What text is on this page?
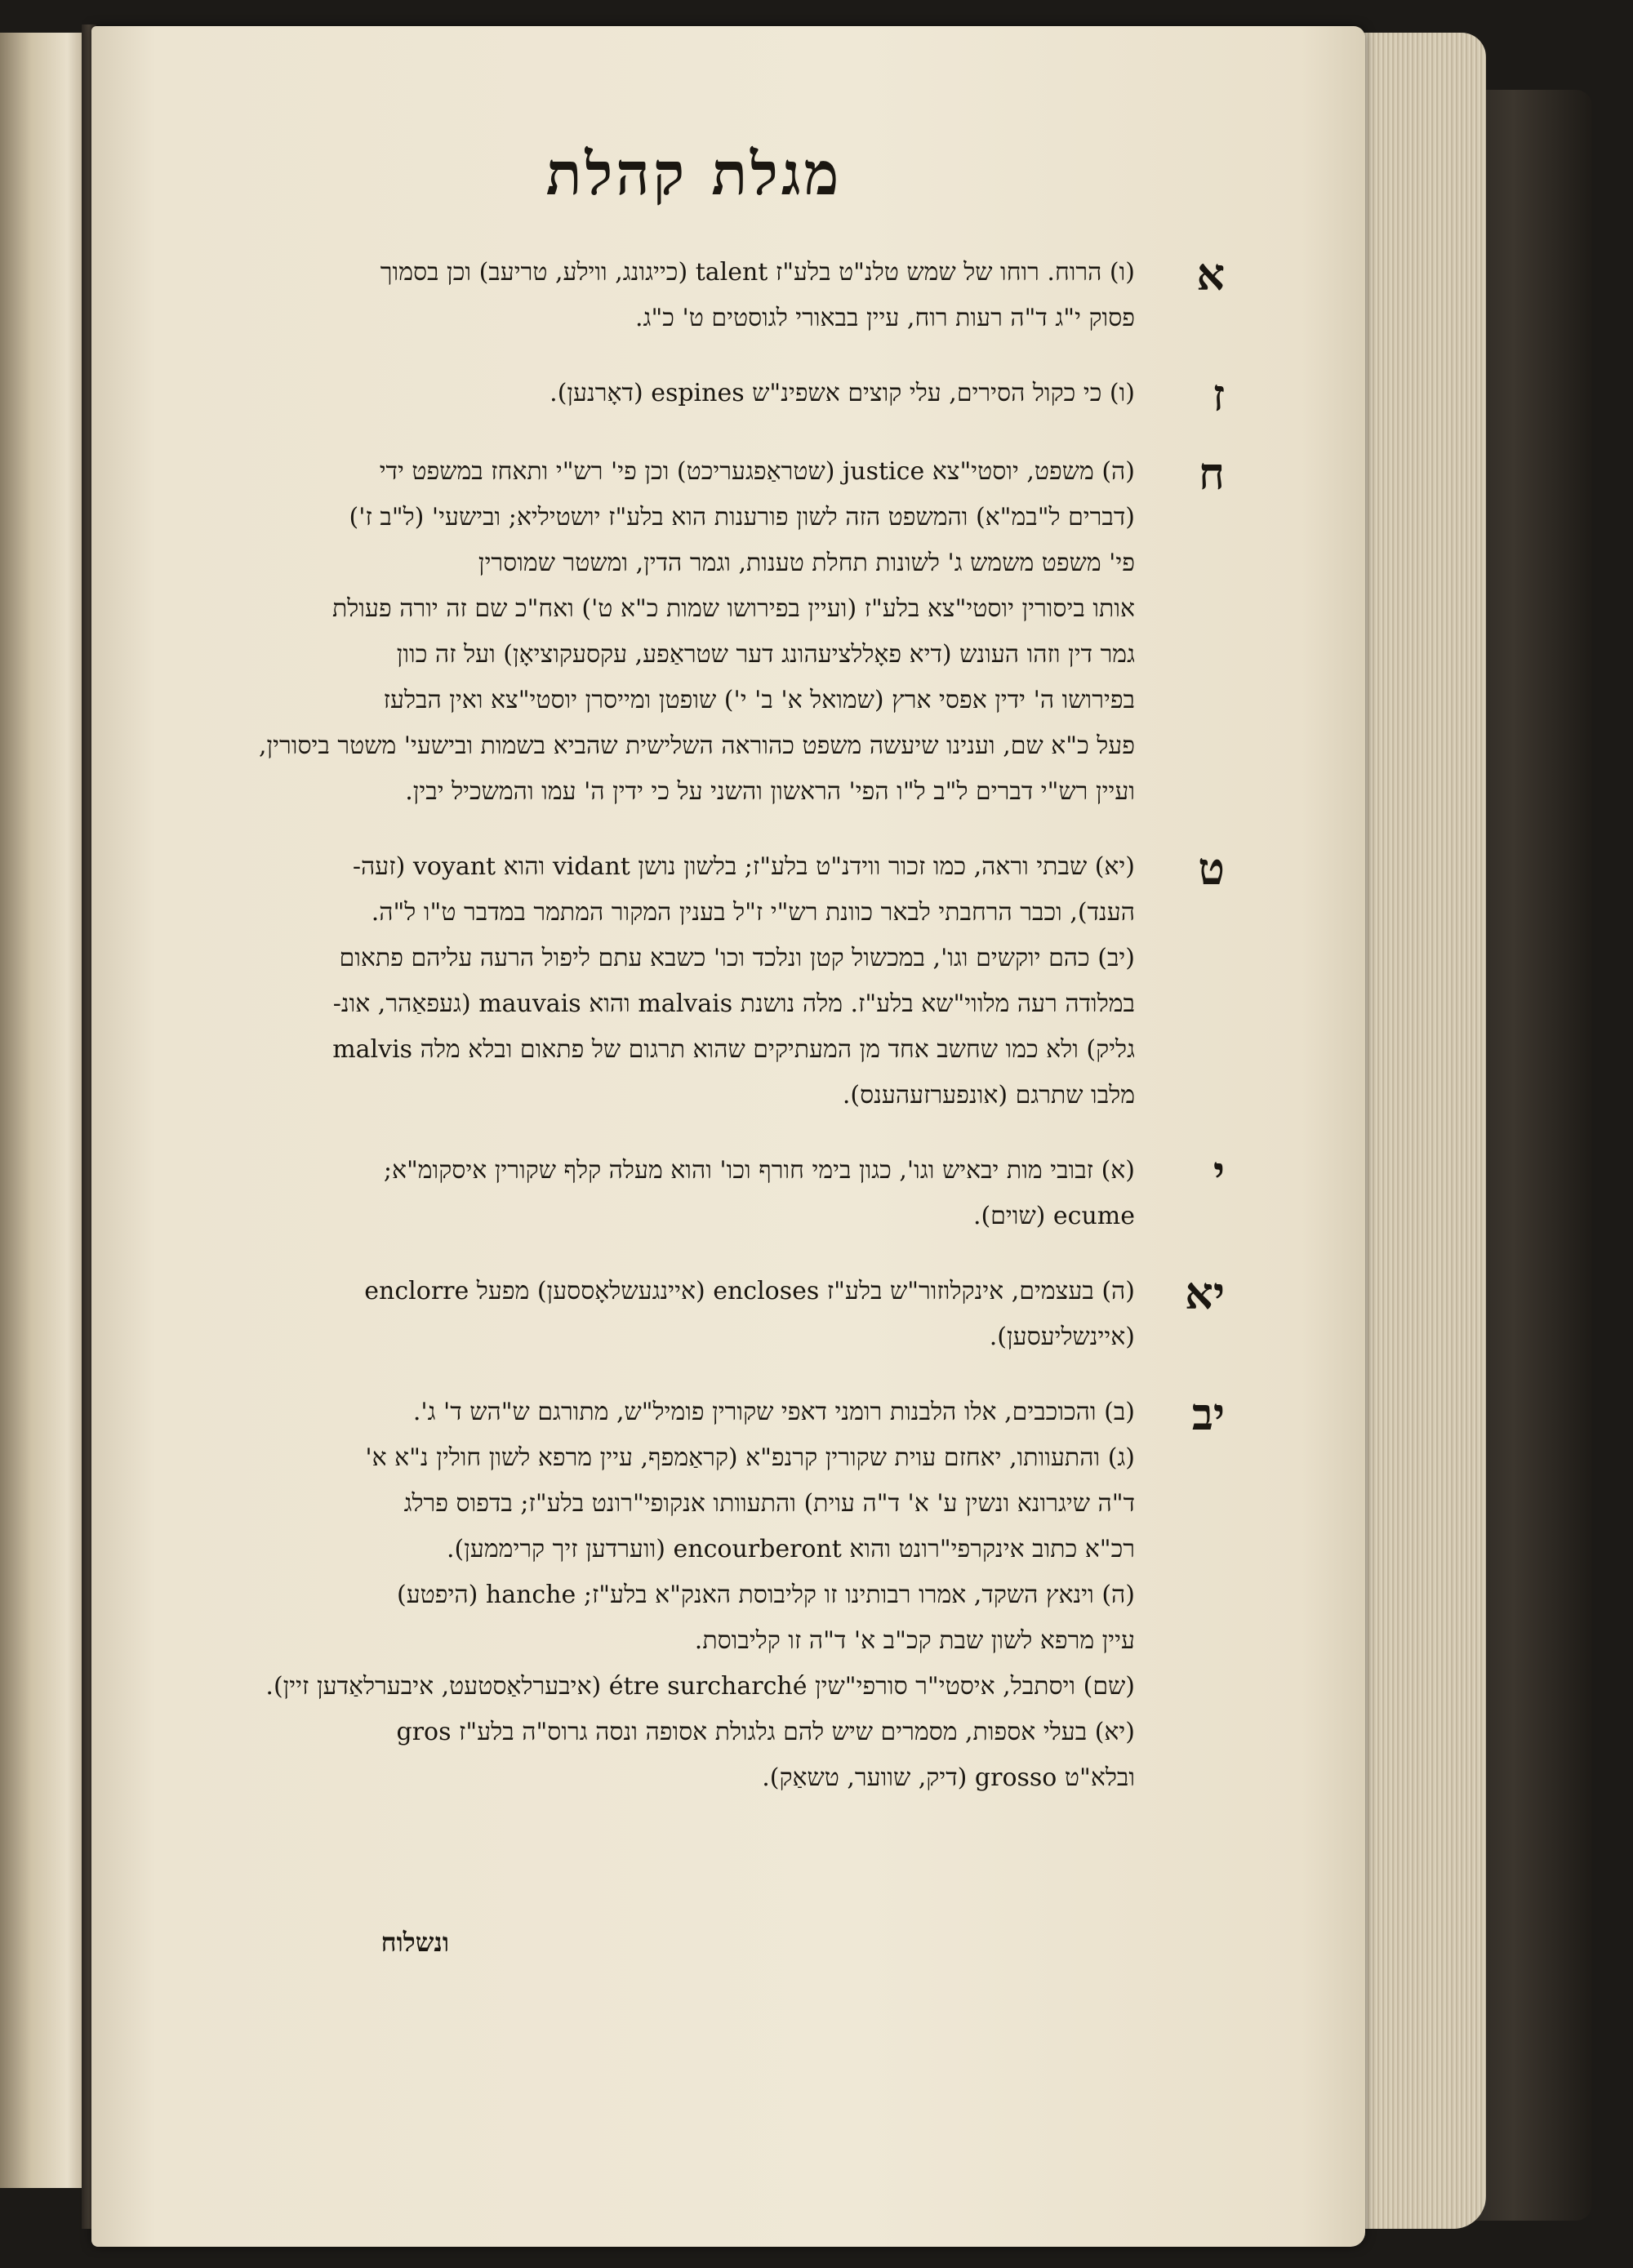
מגלת קהלת
א
(ו) הרוח. רוחו של שמש טלנ"ט בלע"ז talent (כייגונג, ווילע, טריעב) וכן בסמוך
פסוק י"ג ד"ה רעות רוח, עיין בבאורי לגוסטים ט' כ"ג.
ז
(ו) כי כקול הסירים, עלי קוצים אשפינ"ש espines (דאָרנען).
ח
(ה) משפט, יוסטי"צא justice (שטראַפגעריכט) וכן פי' רש"י ותאחז במשפט ידי
(דברים ל"במ"א) והמשפט הזה לשון פורענות הוא בלע"ז יושטיליא; ובישעי' (ל"ב ז')
פי' משפט משמש ג' לשונות תחלת טענות, וגמר הדין, ומשטר שמוסרין
אותו ביסורין יוסטי"צא בלע"ז (ועיין בפירושו שמות כ"א ט') ואח"כ שם זה יורה פעולת
גמר דין וזהו העונש (דיא פאָללציעהונג דער שטראַפע, עקסעקוציאָן) ועל זה כוון
בפירושו ה' ידין אפסי ארץ (שמואל א' ב' י') שופטן ומייסרן יוסטי"צא ואין הבלעז
פעל כ"א שם, וענינו שיעשה משפט כהוראה השלישית שהביא בשמות ובישעי' משטר ביסורין,
ועיין רש"י דברים ל"ב ל"ו הפי' הראשון והשני על כי ידין ה' עמו והמשכיל יבין.
ט
(יא) שבתי וראה, כמו זכור ווידנ"ט בלע"ז; בלשון נושן vidant והוא voyant (זעה-
הענד), וכבר הרחבתי לבאר כוונת רש"י ז"ל בענין המקור המתמר במדבר ט"ו ל"ה.
(יב) כהם יוקשים וגו', במכשול קטן ונלכד וכו' כשבא עתם ליפול הרעה עליהם פתאום
במלודה רעה מלווי"שא בלע"ז. מלה נושנת malvais והוא mauvais (געפאַהר, אונ-
גליק) ולא כמו שחשב אחד מן המעתיקים שהוא תרגום של פתאום ובלא מלה malvis
מלבו שתרגם (אונפערזעהענס).
י
(א) זבובי מות יבאיש וגו', כגון בימי חורף וכו' והוא מעלה קלף שקורין איסקומ"א;
ecume (שוים).
יא
(ה) בעצמים, אינקלוזור"ש בלע"ז encloses (איינגעשלאָססען) מפעל enclorre
(איינשליעסען).
יב
(ב) והכוכבים, אלו הלבנות רומני דאפי שקורין פומיל"ש, מתורגם ש"הש ד' ג'.
(ג) והתעוותו, יאחזם עוית שקורין קרנפ"א (קראַמפף, עיין מרפא לשון חולין נ"א א'
ד"ה שיגרונא ונשין ע' א' ד"ה עוית) והתעוותו אנקופי"רונט בלע"ז; בדפוס פרלג
רכ"א כתוב אינקרפי"רונט והוא encourberont (ווערדען זיך קריממען).
(ה) וינאץ השקד, אמרו רבותינו זו קליבוסת האנק"א בלע"ז; hanche (היפטע)
עיין מרפא לשון שבת קכ"ב א' ד"ה זו קליבוסת.
(שם) ויסתבל, איסטי"ר סורפי"שין étre surcharché (איבערלאַסטעט, איבערלאַדען זיין).
(יא) בעלי אספות, מסמרים שיש להם גלגולת אסופה ונסה גרוס"ה בלע"ז gros
ובלא"ט grosso (דיק, שווער, טשאַק).
ונשלוח
